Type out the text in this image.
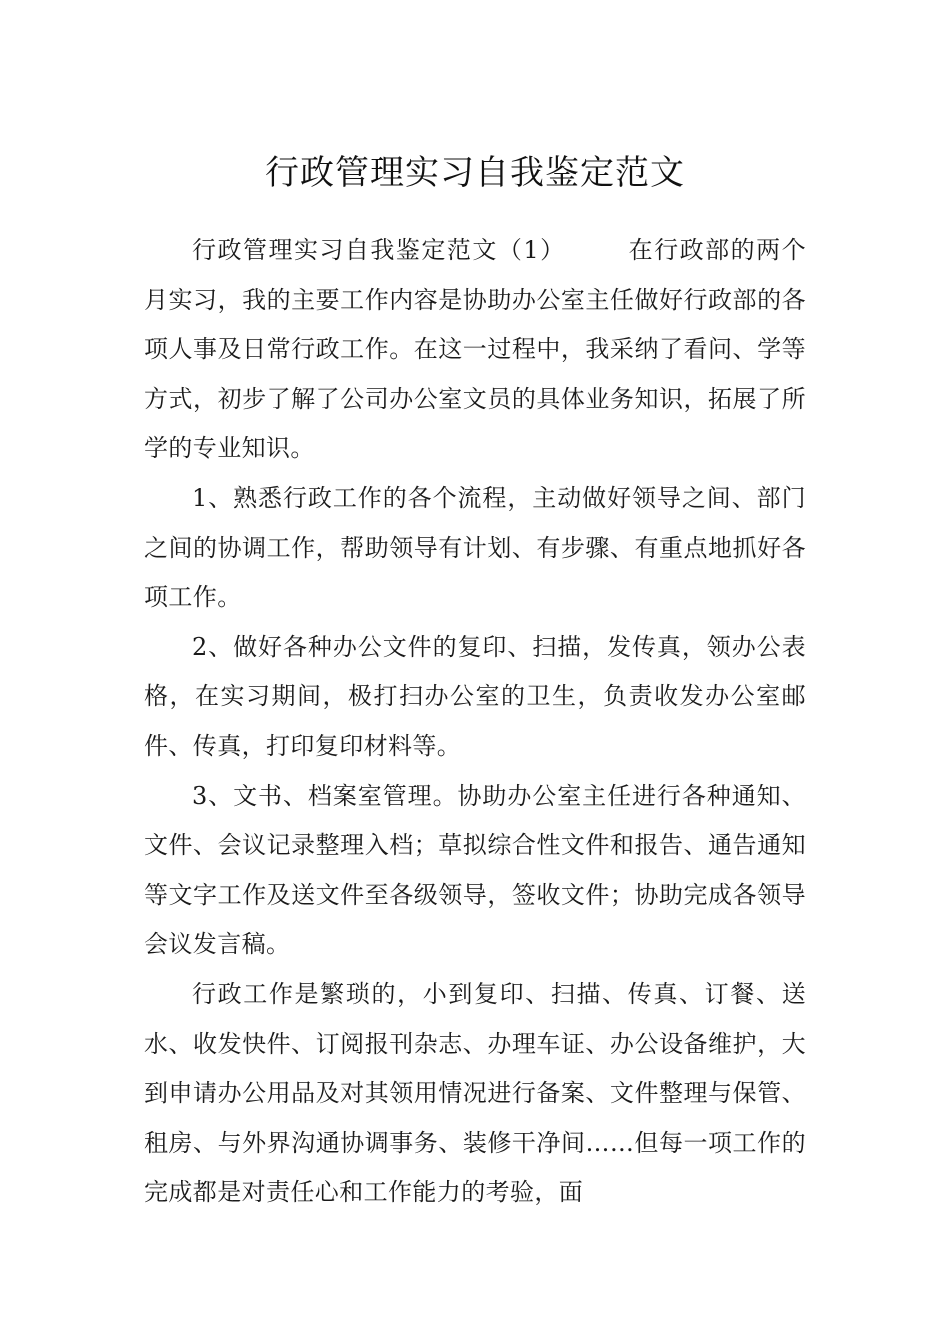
行政管理实习自我鉴定范文

行政管理实习自我鉴定范文（1）	在行政部的两个月实习，我的主要工作内容是协助办公室主任做好行政部的各项人事及日常行政工作。在这一过程中，我采纳了看问、学等方式，初步了解了公司办公室文员的具体业务知识，拓展了所学的专业知识。

1、熟悉行政工作的各个流程，主动做好领导之间、部门之间的协调工作，帮助领导有计划、有步骤、有重点地抓好各项工作。

2、做好各种办公文件的复印、扫描，发传真，领办公表格，在实习期间，极打扫办公室的卫生，负责收发办公室邮件、传真，打印复印材料等。

3、文书、档案室管理。协助办公室主任进行各种通知、文件、会议记录整理入档；草拟综合性文件和报告、通告通知等文字工作及送文件至各级领导，签收文件；协助完成各领导会议发言稿。

行政工作是繁琐的，小到复印、扫描、传真、订餐、送水、收发快件、订阅报刊杂志、办理车证、办公设备维护，大到申请办公用品及对其领用情况进行备案、文件整理与保管、租房、与外界沟通协调事务、装修干净间……但每一项工作的完成都是对责任心和工作能力的考验，面
